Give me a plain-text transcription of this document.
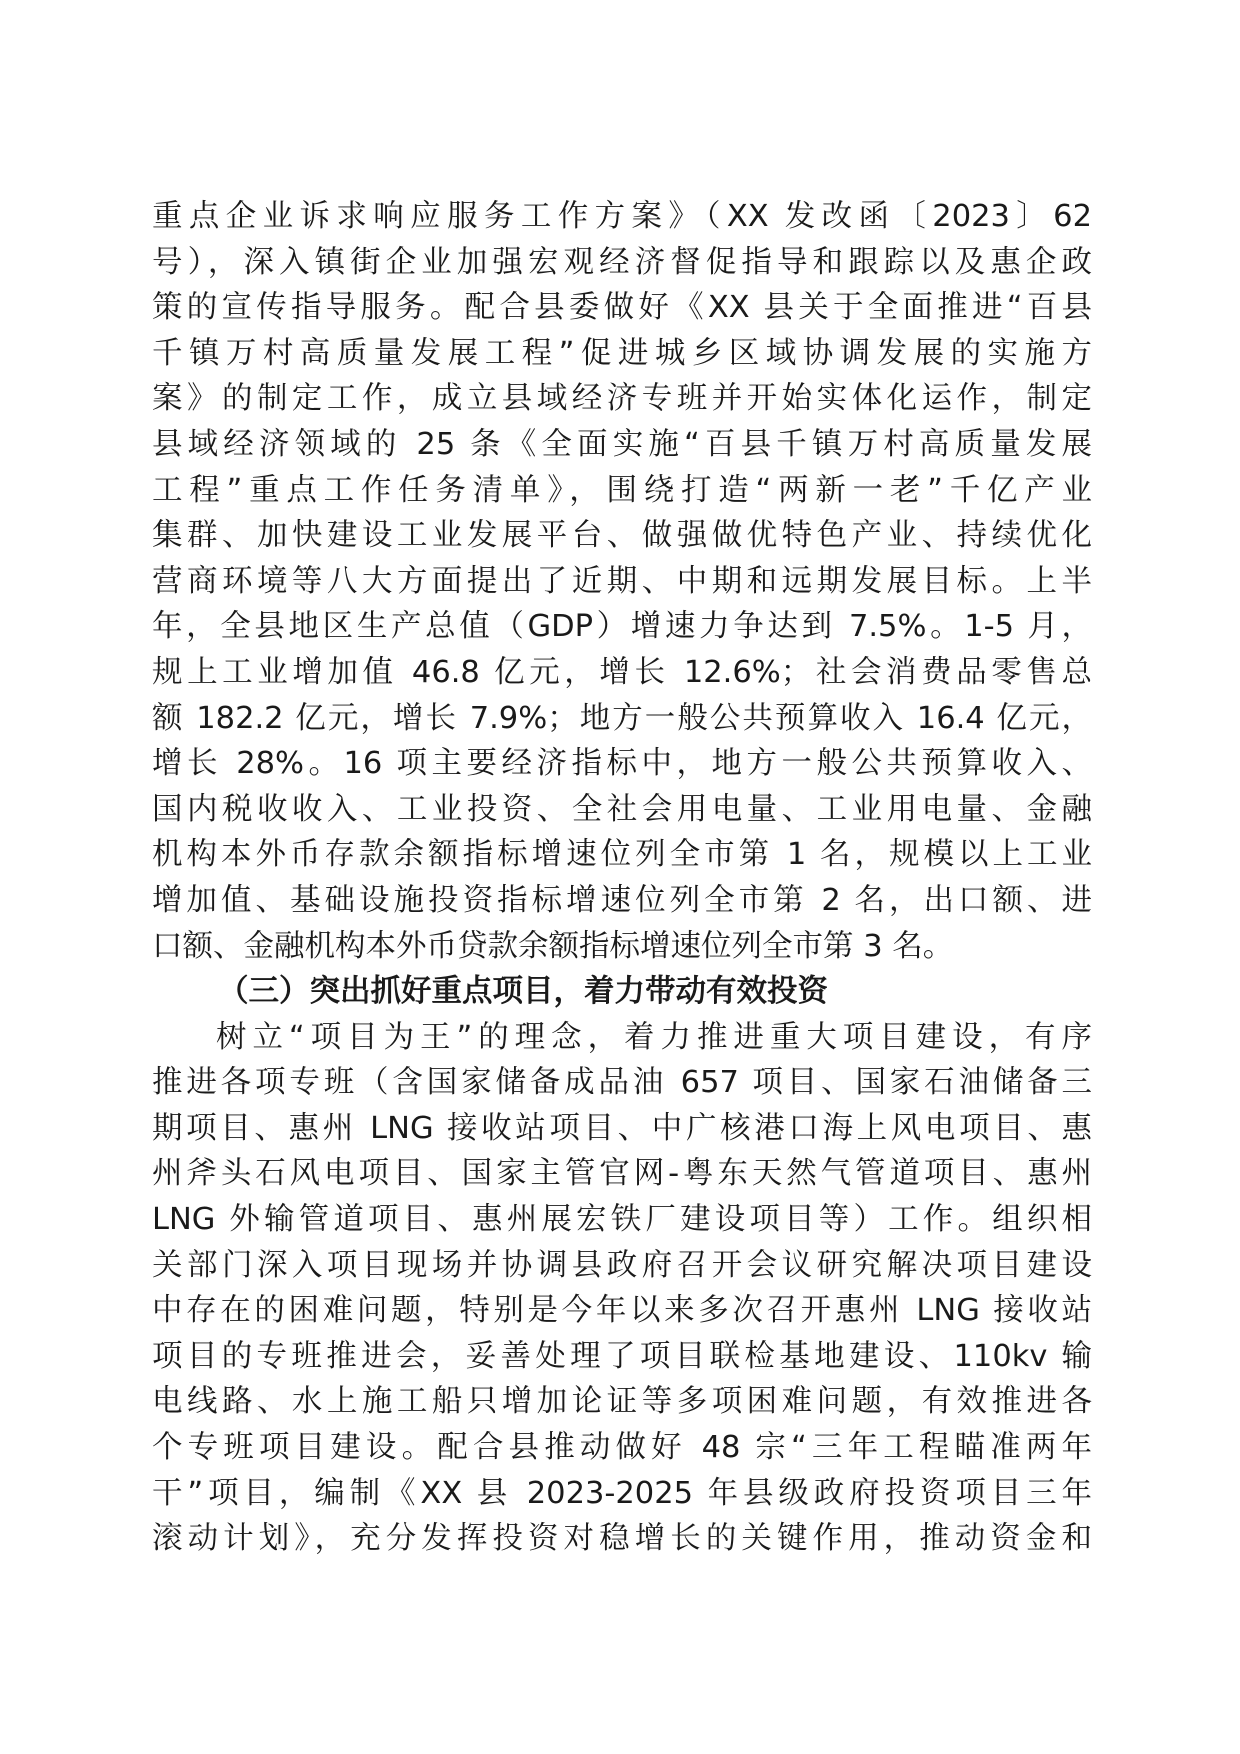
重点企业诉求响应服务工作方案》（XX 发改函〔2023〕62
号），深入镇街企业加强宏观经济督促指导和跟踪以及惠企政
策的宣传指导服务。配合县委做好《XX 县关于全面推进“百县
千镇万村高质量发展工程”促进城乡区域协调发展的实施方
案》的制定工作，成立县域经济专班并开始实体化运作，制定
县域经济领域的 25 条《全面实施“百县千镇万村高质量发展
工程”重点工作任务清单》，围绕打造“两新一老”千亿产业
集群、加快建设工业发展平台、做强做优特色产业、持续优化
营商环境等八大方面提出了近期、中期和远期发展目标。上半
年，全县地区生产总值（GDP）增速力争达到 7.5%。1-5 月，
规上工业增加值 46.8 亿元，增长 12.6%；社会消费品零售总
额 182.2 亿元，增长 7.9%；地方一般公共预算收入 16.4 亿元，
增长 28%。16 项主要经济指标中，地方一般公共预算收入、
国内税收收入、工业投资、全社会用电量、工业用电量、金融
机构本外币存款余额指标增速位列全市第 1 名，规模以上工业
增加值、基础设施投资指标增速位列全市第 2 名，出口额、进
口额、金融机构本外币贷款余额指标增速位列全市第 3 名。
（三）突出抓好重点项目，着力带动有效投资
树立“项目为王”的理念，着力推进重大项目建设，有序
推进各项专班（含国家储备成品油 657 项目、国家石油储备三
期项目、惠州 LNG 接收站项目、中广核港口海上风电项目、惠
州斧头石风电项目、国家主管官网-粤东天然气管道项目、惠州
LNG 外输管道项目、惠州展宏铁厂建设项目等）工作。组织相
关部门深入项目现场并协调县政府召开会议研究解决项目建设
中存在的困难问题，特别是今年以来多次召开惠州 LNG 接收站
项目的专班推进会，妥善处理了项目联检基地建设、110kv 输
电线路、水上施工船只增加论证等多项困难问题，有效推进各
个专班项目建设。配合县推动做好 48 宗“三年工程瞄准两年
干”项目，编制《XX 县 2023-2025 年县级政府投资项目三年
滚动计划》，充分发挥投资对稳增长的关键作用，推动资金和
